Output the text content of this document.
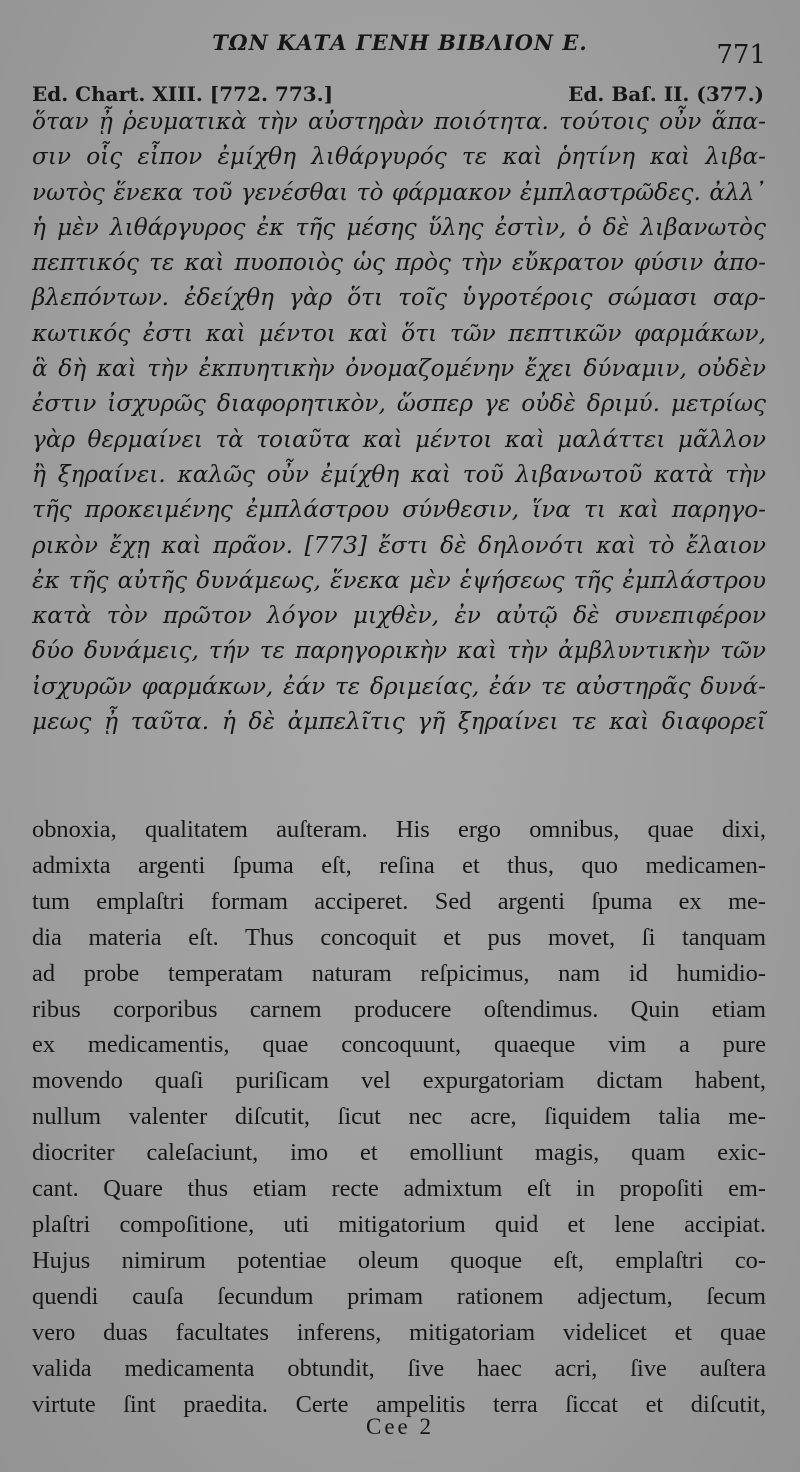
ΤΩΝ ΚΑΤΑ ΓΕΝΗ ΒΙΒΛΙΟΝ Ε.	771
Ed. Chart. XIII. [772. 773.]	Ed. Baſ. II. (377.)
ὅταν ᾖ ῥευματικὰ τὴν αὐστηρὰν ποιότητα. τούτοις οὖν ἅπα-
σιν οἷς εἶπον ἐμίχθη λιθάργυρός τε καὶ ῥητίνη καὶ λιβα-
νωτὸς ἕνεκα τοῦ γενέσθαι τὸ φάρμακον ἐμπλαστρῶδες. ἀλλ᾽
ἡ μὲν λιθάργυρος ἐκ τῆς μέσης ὕλης ἐστὶν, ὁ δὲ λιβανωτὸς
πεπτικός τε καὶ πυοποιὸς ὡς πρὸς τὴν εὔκρατον φύσιν ἀπο-
βλεπόντων. ἐδείχθη γὰρ ὅτι τοῖς ὑγροτέροις σώμασι σαρ-
κωτικός ἐστι καὶ μέντοι καὶ ὅτι τῶν πεπτικῶν φαρμάκων,
ἃ δὴ καὶ τὴν ἐκπυητικὴν ὀνομαζομένην ἔχει δύναμιν, οὐδὲν
ἐστιν ἰσχυρῶς διαφορητικὸν, ὥσπερ γε οὐδὲ δριμύ. μετρίως
γὰρ θερμαίνει τὰ τοιαῦτα καὶ μέντοι καὶ μαλάττει μᾶλλον
ἢ ξηραίνει. καλῶς οὖν ἐμίχθη καὶ τοῦ λιβανωτοῦ κατὰ τὴν
τῆς προκειμένης ἐμπλάστρου σύνθεσιν, ἵνα τι καὶ παρηγο-
ρικὸν ἔχῃ καὶ πρᾶον. [773] ἔστι δὲ δηλονότι καὶ τὸ ἔλαιον
ἐκ τῆς αὐτῆς δυνάμεως, ἕνεκα μὲν ἑψήσεως τῆς ἐμπλάστρου
κατὰ τὸν πρῶτον λόγον μιχθὲν, ἐν αὐτῷ δὲ συνεπιφέρον
δύο δυνάμεις, τήν τε παρηγορικὴν καὶ τὴν ἀμβλυντικὴν τῶν
ἰσχυρῶν φαρμάκων, ἐάν τε δριμείας, ἐάν τε αὐστηρᾶς δυνά-
μεως ᾖ ταῦτα. ἡ δὲ ἀμπελῖτις γῆ ξηραίνει τε καὶ διαφορεῖ
obnoxia, qualitatem auſteram. His ergo omnibus, quae dixi,
admixta argenti ſpuma eſt, reſina et thus, quo medicamen-
tum emplaſtri formam acciperet. Sed argenti ſpuma ex me-
dia materia eſt. Thus concoquit et pus movet, ſi tanquam
ad probe temperatam naturam reſpicimus, nam id humidio-
ribus corporibus carnem producere oſtendimus. Quin etiam
ex medicamentis, quae concoquunt, quaeque vim a pure
movendo quaſi puriſicam vel expurgatoriam dictam habent,
nullum valenter diſcutit, ſicut nec acre, ſiquidem talia me-
diocriter caleſaciunt, imo et emolliunt magis, quam exic-
cant. Quare thus etiam recte admixtum eſt in propoſiti em-
plaſtri compoſitione, uti mitigatorium quid et lene accipiat.
Hujus nimirum potentiae oleum quoque eſt, emplaſtri co-
quendi cauſa ſecundum primam rationem adjectum, ſecum
vero duas facultates inferens, mitigatoriam videlicet et quae
valida medicamenta obtundit, ſive haec acri, ſive auſtera
virtute ſint praedita. Certe ampelitis terra ſiccat et diſcutit,
Cee 2
